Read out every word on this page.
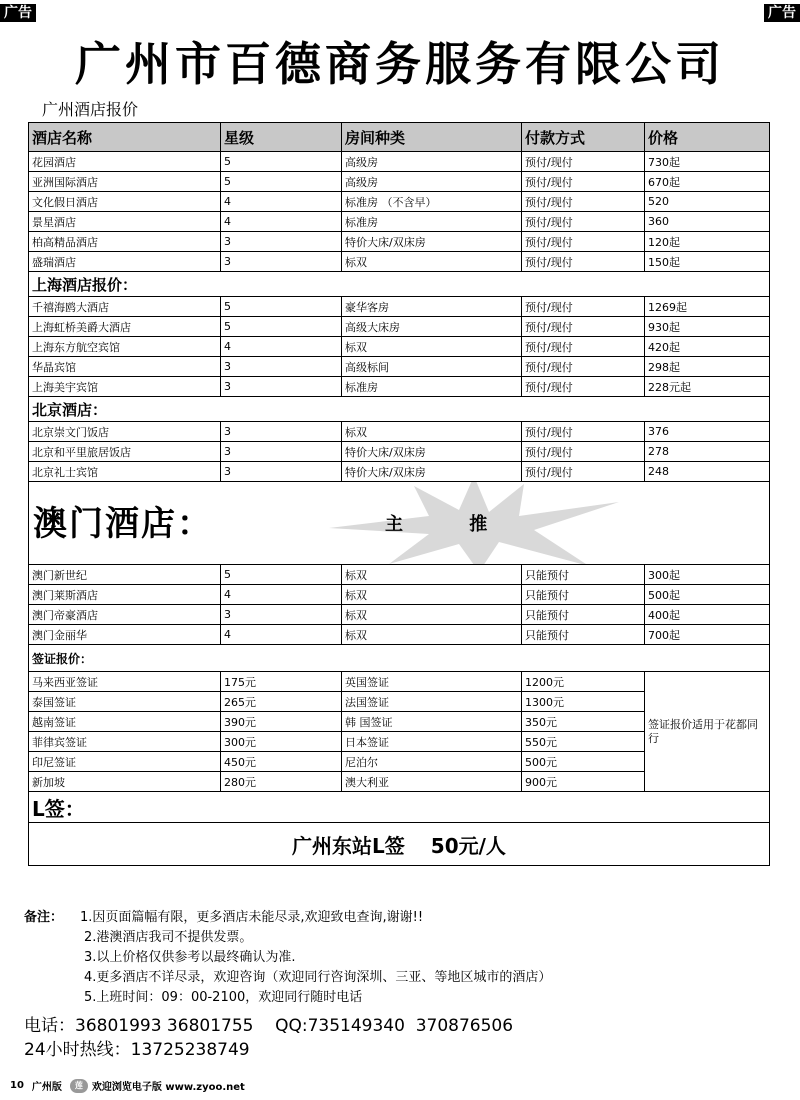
广告	广告
广州市百德商务服务有限公司
广州酒店报价
酒店名称	星级	房间种类	付款方式	价格
花园酒店	5	高级房	预付/现付	730起
亚洲国际酒店	5	高级房	预付/现付	670起
文化假日酒店	4	标准房 （不含早）	预付/现付	520
景星酒店	4	标准房	预付/现付	360
柏高精品酒店	3	特价大床/双床房	预付/现付	120起
盛瑞酒店	3	标双	预付/现付	150起
上海酒店报价：				
千禧海鸥大酒店	5	豪华客房	预付/现付	1269起
上海虹桥美爵大酒店	5	高级大床房	预付/现付	930起
上海东方航空宾馆	4	标双	预付/现付	420起
华晶宾馆	3	高级标间	预付/现付	298起
上海美宇宾馆	3	标准房	预付/现付	228元起
北京酒店：				
北京崇文门饭店	3	标双	预付/现付	376
北京和平里旅居饭店	3	特价大床/双床房	预付/现付	278
北京礼士宾馆	3	特价大床/双床房	预付/现付	248

澳门酒店： 主 推				

澳门新世纪	5	标双	只能预付	300起
澳门莱斯酒店	4	标双	只能预付	500起
澳门帝豪酒店	3	标双	只能预付	400起
澳门金丽华	4	标双	只能预付	700起
签证报价：				
马来西亚签证	175元	英国签证	1200元	签证报价适用于花都同行
泰国签证	265元	法国签证	1300元	
越南签证	390元	韩 国签证	350元	
菲律宾签证	300元	日本签证	550元	
印尼签证	450元	尼泊尔	500元	
新加坡	280元	澳大利亚	900元	
L签：				
广州东站L签 50元/人				
备注： 1.因页面篇幅有限，更多酒店未能尽录,欢迎致电查询,谢谢!!
2.港澳酒店我司不提供发票。
3.以上价格仅供参考以最终确认为准.
4.更多酒店不详尽录，欢迎咨询（欢迎同行咨询深圳、三亚、等地区城市的酒店）
5.上班时间：09：00-2100，欢迎同行随时电话
电话：36801993 36801755    QQ:735149340  370876506
24小时热线：13725238749
10 广州版	莲 欢迎浏览电子版 www.zyoo.net
